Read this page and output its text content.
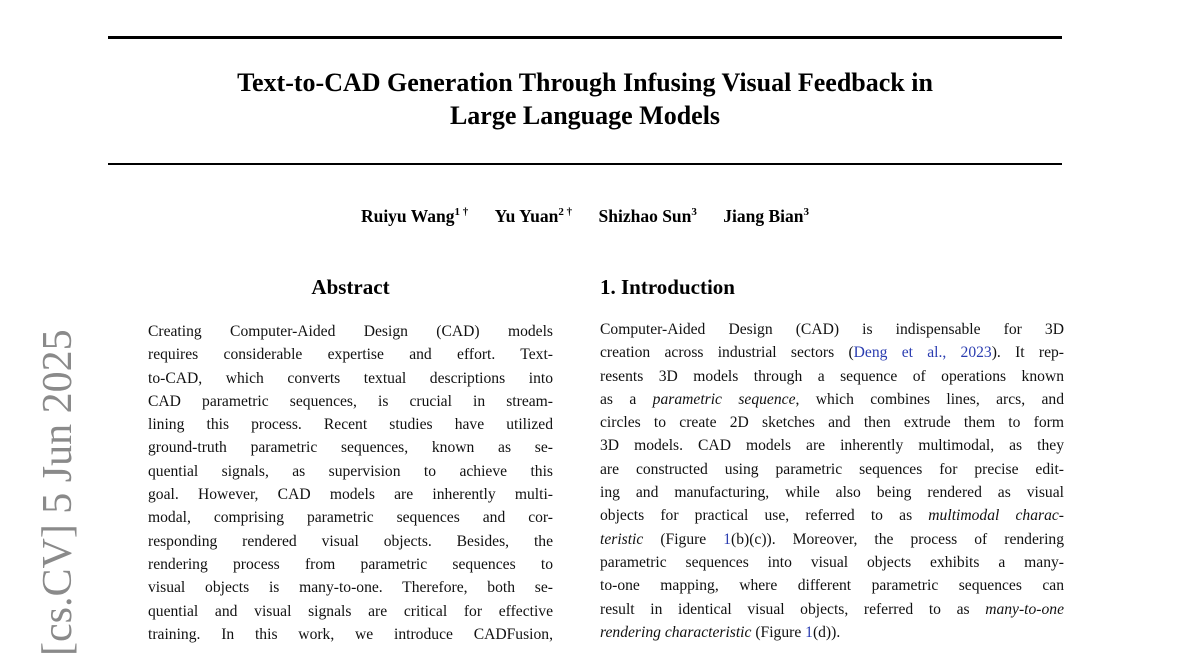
[cs.CV] 5 Jun 2025
Text-to-CAD Generation Through Infusing Visual Feedback in
Large Language Models
Ruiyu Wang$^{1 \dagger}$ Yu Yuan$^{2 \dagger}$ Shizhao Sun$^3$ Jiang Bian$^3$
Abstract
Creating Computer-Aided Design (CAD) models
requires considerable expertise and effort. Text-
to-CAD, which converts textual descriptions into
CAD parametric sequences, is crucial in stream-
lining this process. Recent studies have utilized
ground-truth parametric sequences, known as se-
quential signals, as supervision to achieve this
goal. However, CAD models are inherently multi-
modal, comprising parametric sequences and cor-
responding rendered visual objects. Besides, the
rendering process from parametric sequences to
visual objects is many-to-one. Therefore, both se-
quential and visual signals are critical for effective
training. In this work, we introduce CADFusion,
1. Introduction
Computer-Aided Design (CAD) is indispensable for 3D
creation across industrial sectors (Deng et al., 2023). It rep-
resents 3D models through a sequence of operations known
as a parametric sequence, which combines lines, arcs, and
circles to create 2D sketches and then extrude them to form
3D models. CAD models are inherently multimodal, as they
are constructed using parametric sequences for precise edit-
ing and manufacturing, while also being rendered as visual
objects for practical use, referred to as multimodal charac-
teristic (Figure 1(b)(c)). Moreover, the process of rendering
parametric sequences into visual objects exhibits a many-
to-one mapping, where different parametric sequences can
result in identical visual objects, referred to as many-to-one
rendering characteristic (Figure 1(d)).
